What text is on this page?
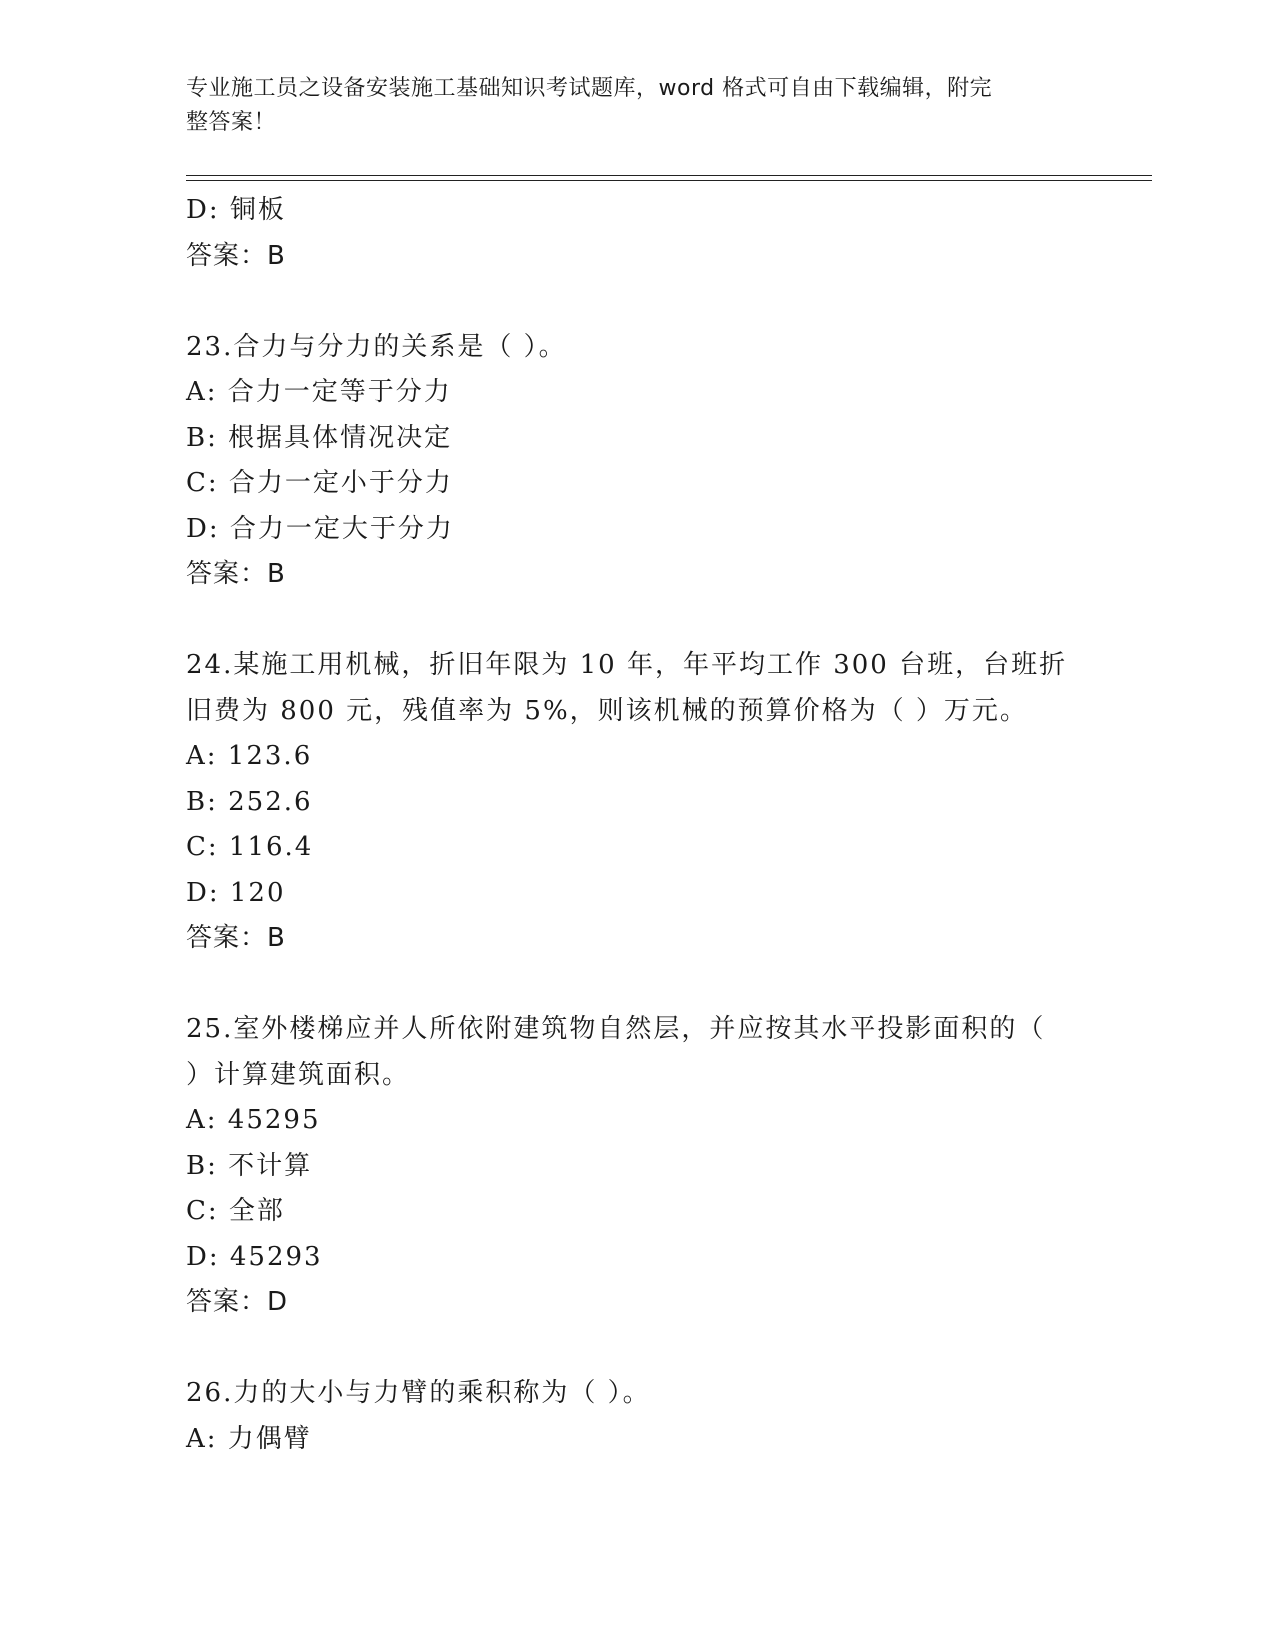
专业施工员之设备安装施工基础知识考试题库，word 格式可自由下载编辑，附完
整答案！
D: 铜板
答案：B
23.合力与分力的关系是（ ）。
A: 合力一定等于分力
B: 根据具体情况决定
C: 合力一定小于分力
D: 合力一定大于分力
答案：B
24.某施工用机械，折旧年限为 10 年，年平均工作 300 台班，台班折
旧费为 800 元，残值率为 5%，则该机械的预算价格为（ ）万元。
A: 123.6
B: 252.6
C: 116.4
D: 120
答案：B
25.室外楼梯应并人所依附建筑物自然层，并应按其水平投影面积的（
）计算建筑面积。
A: 45295
B: 不计算
C: 全部
D: 45293
答案：D
26.力的大小与力臂的乘积称为（ ）。
A: 力偶臂
